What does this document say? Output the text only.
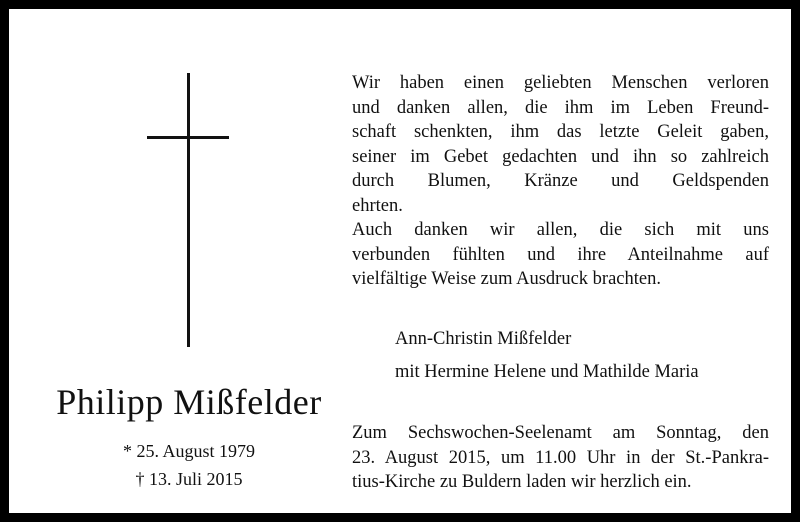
Philipp Mißfelder
* 25. August 1979
† 13. Juli 2015
Wir haben einen geliebten Menschen verloren
und danken allen, die ihm im Leben Freund-
schaft schenkten, ihm das letzte Geleit gaben,
seiner im Gebet gedachten und ihn so zahlreich
durch Blumen, Kränze und Geldspenden
ehrten.
Auch danken wir allen, die sich mit uns
verbunden fühlten und ihre Anteilnahme auf
vielfältige Weise zum Ausdruck brachten.
Ann-Christin Mißfelder
mit Hermine Helene und Mathilde Maria
Zum Sechswochen-Seelenamt am Sonntag, den
23. August 2015, um 11.00 Uhr in der St.-Pankra-
tius-Kirche zu Buldern laden wir herzlich ein.
